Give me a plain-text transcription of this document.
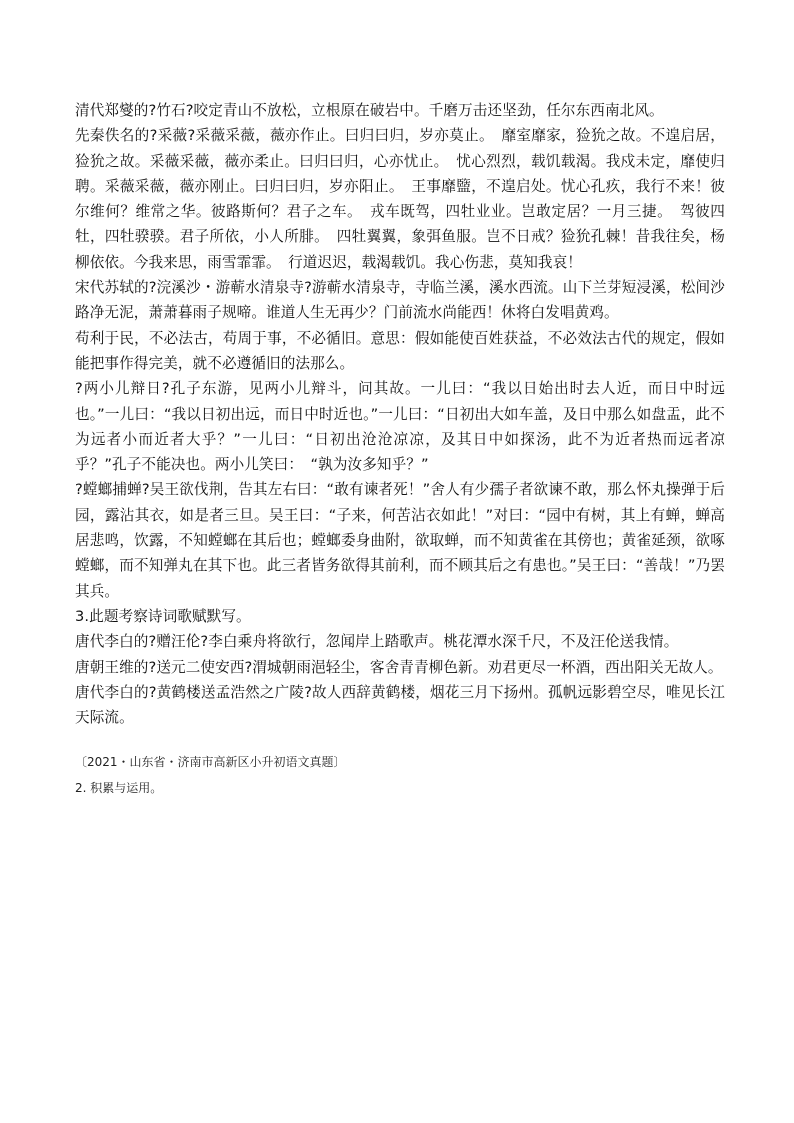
清代郑燮的?竹石?咬定青山不放松，立根原在破岩中。千磨万击还坚劲，任尔东西南北风。

先秦佚名的?采薇?采薇采薇，薇亦作止。曰归曰归，岁亦莫止。　靡室靡家，猃狁之故。不遑启居，猃狁之故。采薇采薇，薇亦柔止。曰归曰归，心亦忧止。　忧心烈烈，载饥载渴。我戍未定，靡使归聘。采薇采薇，薇亦刚止。曰归曰归，岁亦阳止。　王事靡盬，不遑启处。忧心孔疚，我行不来！彼尔维何？维常之华。彼路斯何？君子之车。　戎车既驾，四牡业业。岂敢定居？一月三捷。　驾彼四牡，四牡骙骙。君子所依，小人所腓。　四牡翼翼，象弭鱼服。岂不日戒？猃狁孔棘！昔我往矣，杨柳依依。今我来思，雨雪霏霏。　行道迟迟，载渴载饥。我心伤悲，莫知我哀！

宋代苏轼的?浣溪沙・游蕲水清泉寺?游蕲水清泉寺，寺临兰溪，溪水西流。山下兰芽短浸溪，松间沙路净无泥，萧萧暮雨子规啼。谁道人生无再少？门前流水尚能西！休将白发唱黄鸡。

苟利于民，不必法古，苟周于事，不必循旧。意思：假如能使百姓获益，不必效法古代的规定，假如能把事作得完美，就不必遵循旧的法那么。

?两小儿辩日?孔子东游，见两小儿辩斗，问其故。一儿曰：“我以日始出时去人近，而日中时远也。”一儿曰：“我以日初出远，而日中时近也。”一儿曰：“日初出大如车盖，及日中那么如盘盂，此不为远者小而近者大乎？”一儿曰：“日初出沧沧凉凉，及其日中如探汤，此不为近者热而远者凉乎？”孔子不能决也。两小儿笑曰：　“孰为汝多知乎？”

?螳螂捕蝉?吴王欲伐荆，告其左右曰：“敢有谏者死！”舍人有少孺子者欲谏不敢，那么怀丸操弹于后园，露沾其衣，如是者三旦。吴王曰：“子来，何苦沾衣如此！”对曰：“园中有树，其上有蝉，蝉高居悲鸣，饮露，不知螳螂在其后也；螳螂委身曲附，欲取蝉，而不知黄雀在其傍也；黄雀延颈，欲啄螳螂，而不知弹丸在其下也。此三者皆务欲得其前利，而不顾其后之有患也。”吴王曰：“善哉！”乃罢其兵。

3.此题考察诗词歌赋默写。

唐代李白的?赠汪伦?李白乘舟将欲行，忽闻岸上踏歌声。桃花潭水深千尺，不及汪伦送我情。

唐朝王维的?送元二使安西?渭城朝雨浥轻尘，客舍青青柳色新。劝君更尽一杯酒，西出阳关无故人。

唐代李白的?黄鹤楼送孟浩然之广陵?故人西辞黄鹤楼，烟花三月下扬州。孤帆远影碧空尽，唯见长江天际流。

〔2021・山东省・济南市高新区小升初语文真题〕

2. 积累与运用。
